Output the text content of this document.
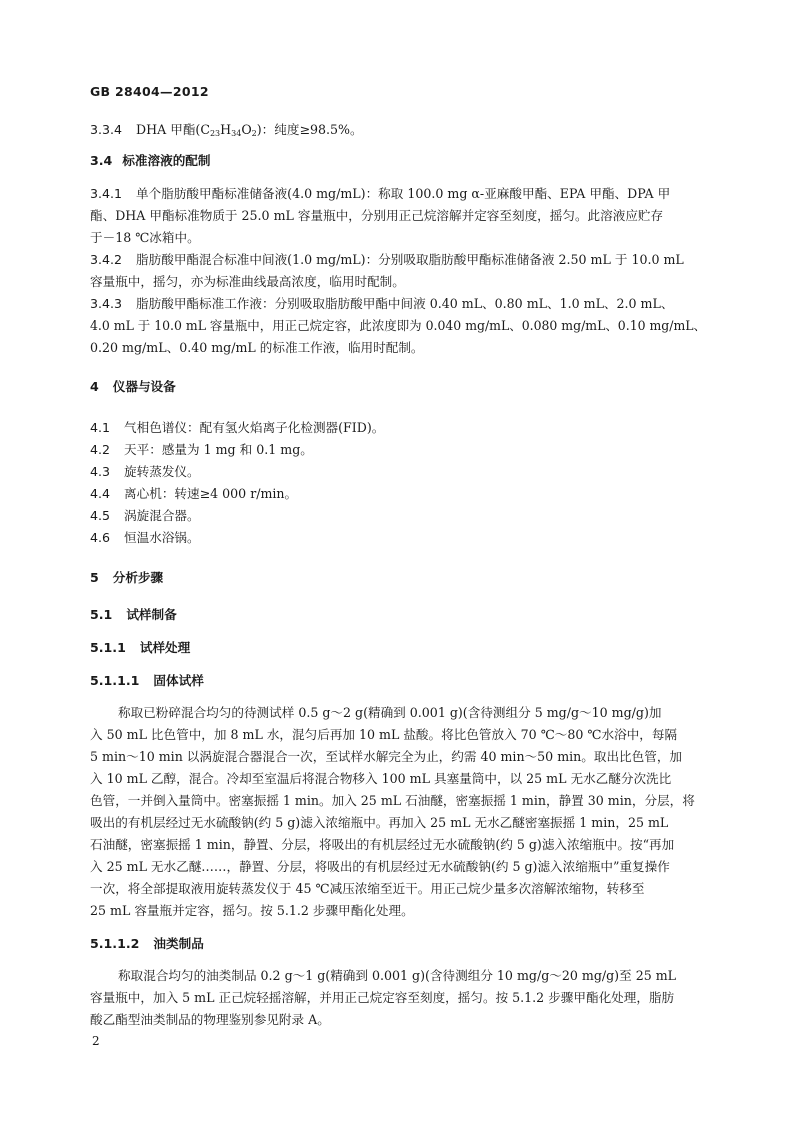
GB 28404—2012
3.3.4 DHA 甲酯$(C_{23}H_{34}O_2)$：纯度≥98.5%。
3.4 标准溶液的配制
3.4.1 单个脂肪酸甲酯标准储备液(4.0 mg/mL)：称取 100.0 mg α-亚麻酸甲酯、EPA 甲酯、DPA 甲
酯、DHA 甲酯标准物质于 25.0 mL 容量瓶中，分别用正己烷溶解并定容至刻度，摇匀。此溶液应贮存
于－18 ℃冰箱中。
3.4.2 脂肪酸甲酯混合标准中间液(1.0 mg/mL)：分别吸取脂肪酸甲酯标准储备液 2.50 mL 于 10.0 mL
容量瓶中，摇匀，亦为标准曲线最高浓度，临用时配制。
3.4.3 脂肪酸甲酯标准工作液：分别吸取脂肪酸甲酯中间液 0.40 mL、0.80 mL、1.0 mL、2.0 mL、
4.0 mL 于 10.0 mL 容量瓶中，用正己烷定容，此浓度即为 0.040 mg/mL、0.080 mg/mL、0.10 mg/mL、
0.20 mg/mL、0.40 mg/mL 的标准工作液，临用时配制。
4 仪器与设备
4.1 气相色谱仪：配有氢火焰离子化检测器(FID)。
4.2 天平：感量为 1 mg 和 0.1 mg。
4.3 旋转蒸发仪。
4.4 离心机：转速≥4 000 r/min。
4.5 涡旋混合器。
4.6 恒温水浴锅。
5 分析步骤
5.1 试样制备
5.1.1 试样处理
5.1.1.1 固体试样
称取已粉碎混合均匀的待测试样 0.5 g～2 g(精确到 0.001 g)(含待测组分 5 mg/g～10 mg/g)加
入 50 mL 比色管中，加 8 mL 水，混匀后再加 10 mL 盐酸。将比色管放入 70 ℃～80 ℃水浴中，每隔
5 min～10 min 以涡旋混合器混合一次，至试样水解完全为止，约需 40 min～50 min。取出比色管，加
入 10 mL 乙醇，混合。冷却至室温后将混合物移入 100 mL 具塞量筒中，以 25 mL 无水乙醚分次洗比
色管，一并倒入量筒中。密塞振摇 1 min。加入 25 mL 石油醚，密塞振摇 1 min，静置 30 min，分层，将
吸出的有机层经过无水硫酸钠(约 5 g)滤入浓缩瓶中。再加入 25 mL 无水乙醚密塞振摇 1 min，25 mL
石油醚，密塞振摇 1 min，静置、分层，将吸出的有机层经过无水硫酸钠(约 5 g)滤入浓缩瓶中。按“再加
入 25 mL 无水乙醚……，静置、分层，将吸出的有机层经过无水硫酸钠(约 5 g)滤入浓缩瓶中”重复操作
一次，将全部提取液用旋转蒸发仪于 45 ℃减压浓缩至近干。用正己烷少量多次溶解浓缩物，转移至
25 mL 容量瓶并定容，摇匀。按 5.1.2 步骤甲酯化处理。
5.1.1.2 油类制品
称取混合均匀的油类制品 0.2 g～1 g(精确到 0.001 g)(含待测组分 10 mg/g～20 mg/g)至 25 mL
容量瓶中，加入 5 mL 正己烷轻摇溶解，并用正己烷定容至刻度，摇匀。按 5.1.2 步骤甲酯化处理，脂肪
酸乙酯型油类制品的物理鉴别参见附录 A。
2
